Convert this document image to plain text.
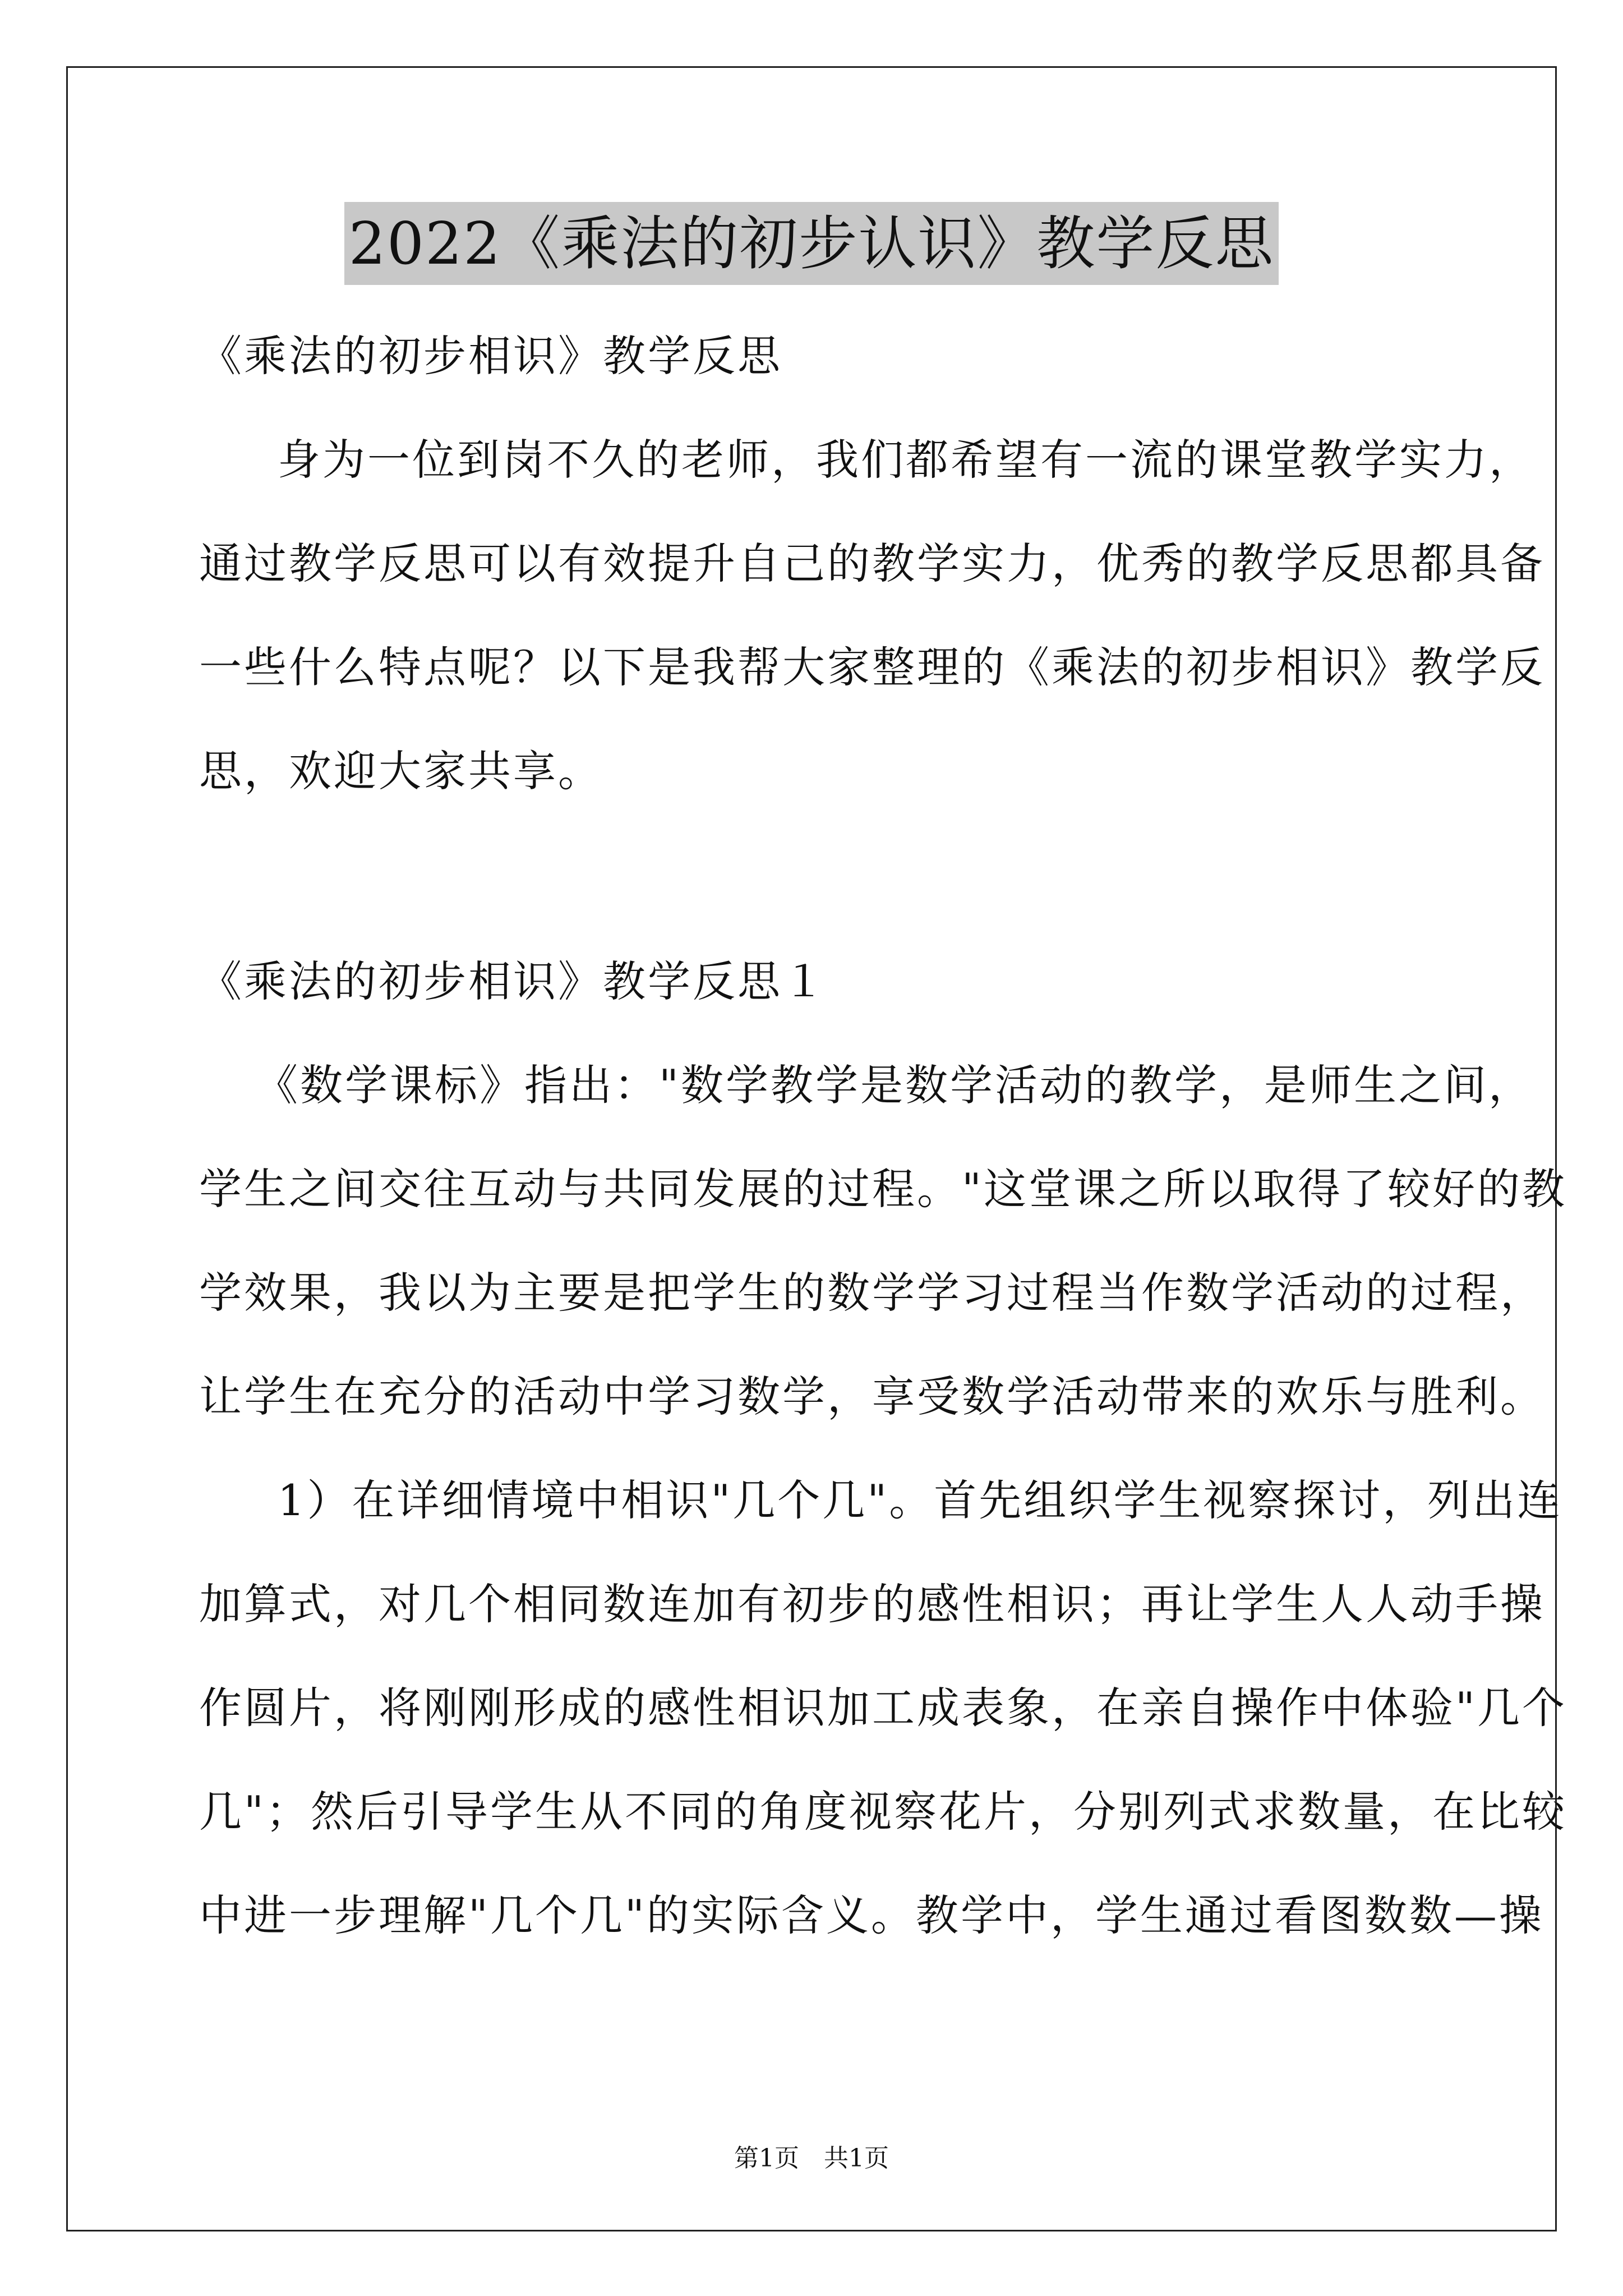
2022《乘法的初步认识》教学反思
《乘法的初步相识》教学反思
身为一位到岗不久的老师，我们都希望有一流的课堂教学实力，
通过教学反思可以有效提升自己的教学实力，优秀的教学反思都具备
一些什么特点呢？以下是我帮大家整理的《乘法的初步相识》教学反
思，欢迎大家共享。
《乘法的初步相识》教学反思１
《数学课标》指出："数学教学是数学活动的教学，是师生之间，
学生之间交往互动与共同发展的过程。"这堂课之所以取得了较好的教
学效果，我以为主要是把学生的数学学习过程当作数学活动的过程，
让学生在充分的活动中学习数学，享受数学活动带来的欢乐与胜利。
1）在详细情境中相识"几个几"。首先组织学生视察探讨，列出连
加算式，对几个相同数连加有初步的感性相识；再让学生人人动手操
作圆片，将刚刚形成的感性相识加工成表象，在亲自操作中体验"几个
几"；然后引导学生从不同的角度视察花片，分别列式求数量，在比较
中进一步理解"几个几"的实际含义。教学中，学生通过看图数数—操
第1页　共1页
